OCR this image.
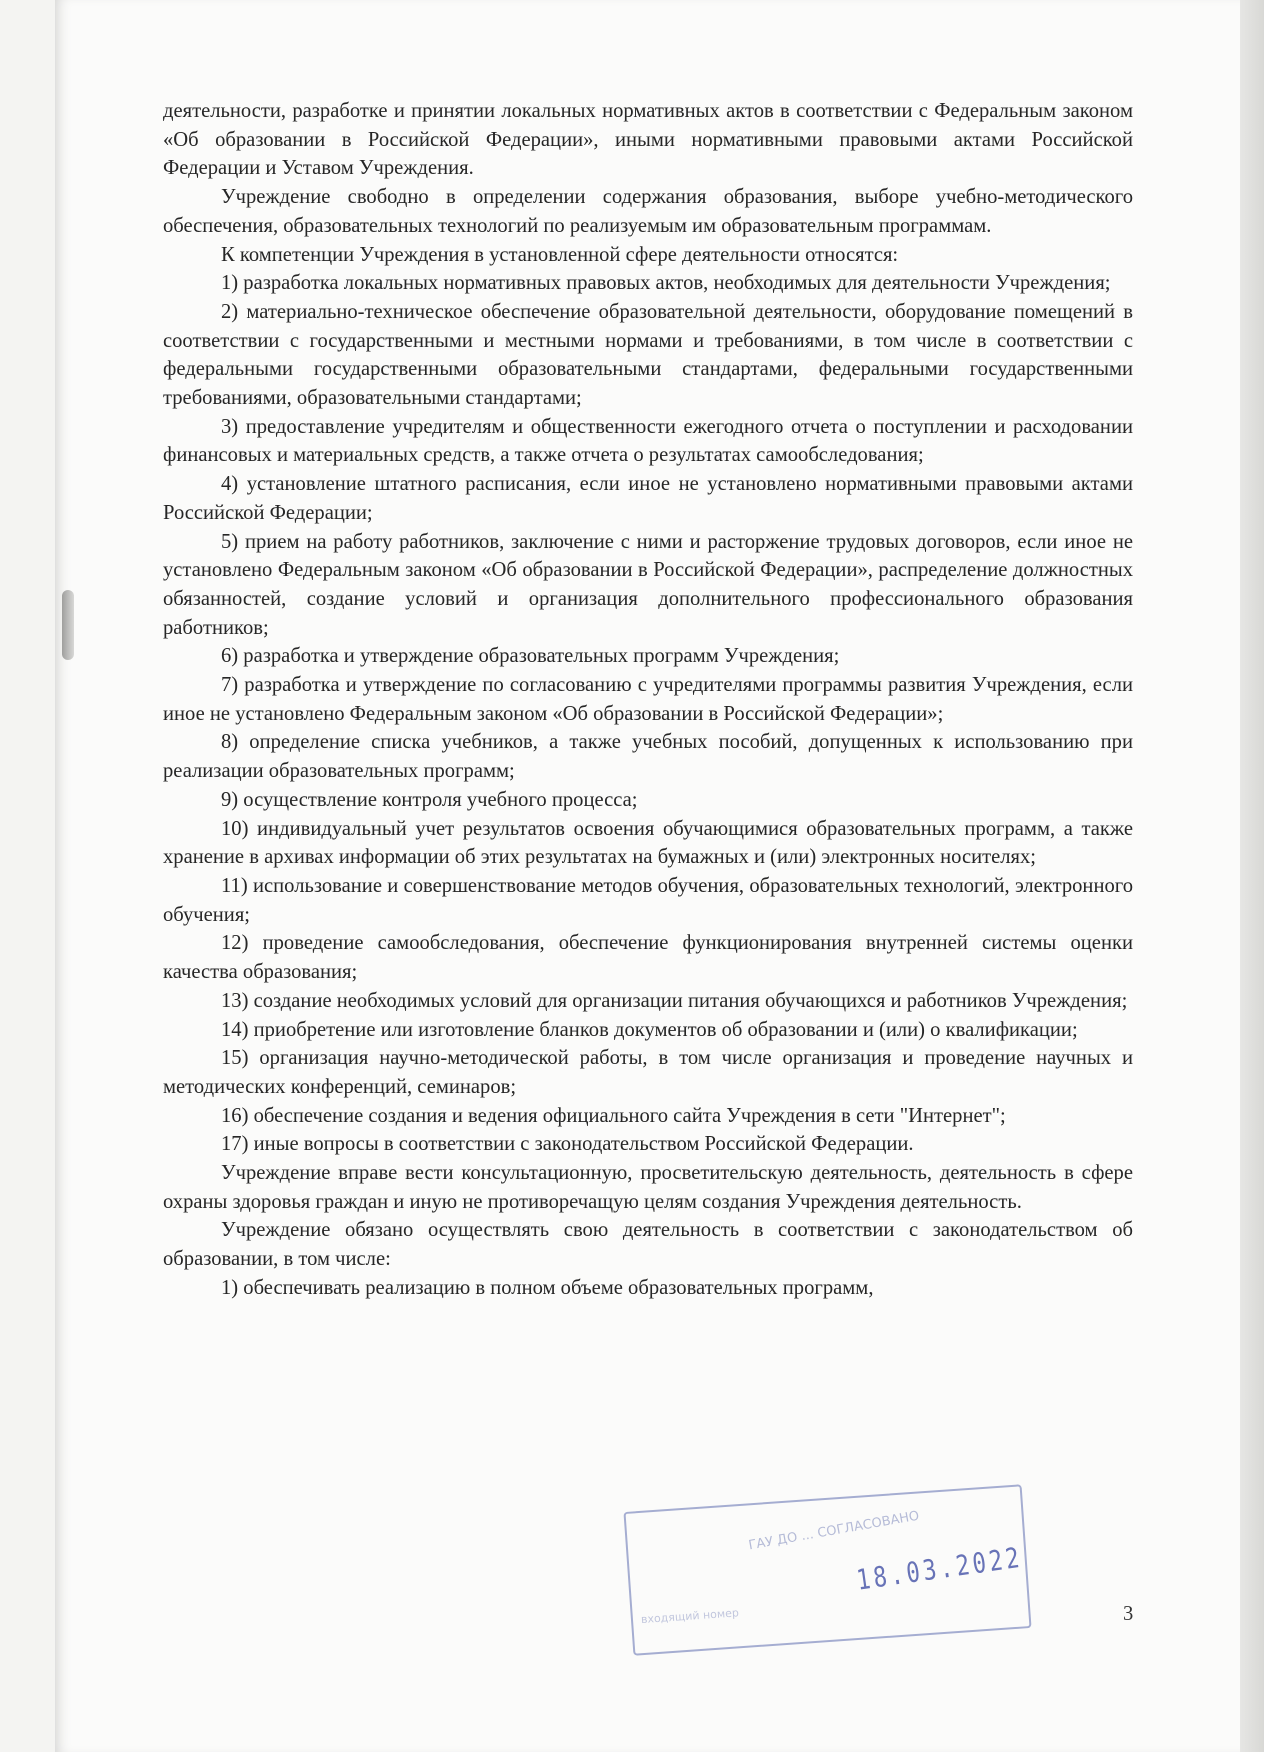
деятельности, разработке и принятии локальных нормативных актов в соответствии с Федеральным законом «Об образовании в Российской Федерации», иными нормативными правовыми актами Российской Федерации и Уставом Учреждения.

Учреждение свободно в определении содержания образования, выборе учебно-методического обеспечения, образовательных технологий по реализуемым им образовательным программам.

К компетенции Учреждения в установленной сфере деятельности относятся:

1) разработка локальных нормативных правовых актов, необходимых для деятельности Учреждения;

2) материально-техническое обеспечение образовательной деятельности, оборудование помещений в соответствии с государственными и местными нормами и требованиями, в том числе в соответствии с федеральными государственными образовательными стандартами, федеральными государственными требованиями, образовательными стандартами;

3) предоставление учредителям и общественности ежегодного отчета о поступлении и расходовании финансовых и материальных средств, а также отчета о результатах самообследования;

4) установление штатного расписания, если иное не установлено нормативными правовыми актами Российской Федерации;

5) прием на работу работников, заключение с ними и расторжение трудовых договоров, если иное не установлено Федеральным законом «Об образовании в Российской Федерации», распределение должностных обязанностей, создание условий и организация дополнительного профессионального образования работников;

6) разработка и утверждение образовательных программ Учреждения;

7) разработка и утверждение по согласованию с учредителями программы развития Учреждения, если иное не установлено Федеральным законом «Об образовании в Российской Федерации»;

8) определение списка учебников, а также учебных пособий, допущенных к использованию при реализации образовательных программ;

9) осуществление контроля учебного процесса;

10) индивидуальный учет результатов освоения обучающимися образовательных программ, а также хранение в архивах информации об этих результатах на бумажных и (или) электронных носителях;

11) использование и совершенствование методов обучения, образовательных технологий, электронного обучения;

12) проведение самообследования, обеспечение функционирования внутренней системы оценки качества образования;

13) создание необходимых условий для организации питания обучающихся и работников Учреждения;

14) приобретение или изготовление бланков документов об образовании и (или) о квалификации;

15) организация научно-методической работы, в том числе организация и проведение научных и методических конференций, семинаров;

16) обеспечение создания и ведения официального сайта Учреждения в сети "Интернет";

17) иные вопросы в соответствии с законодательством Российской Федерации.

Учреждение вправе вести консультационную, просветительскую деятельность, деятельность в сфере охраны здоровья граждан и иную не противоречащую целям создания Учреждения деятельность.

Учреждение обязано осуществлять свою деятельность в соответствии с законодательством об образовании, в том числе:

1) обеспечивать реализацию в полном объеме образовательных программ,

ГАУ ДО ... СОГЛАСОВАНО
18.03.2022
входящий номер	3
